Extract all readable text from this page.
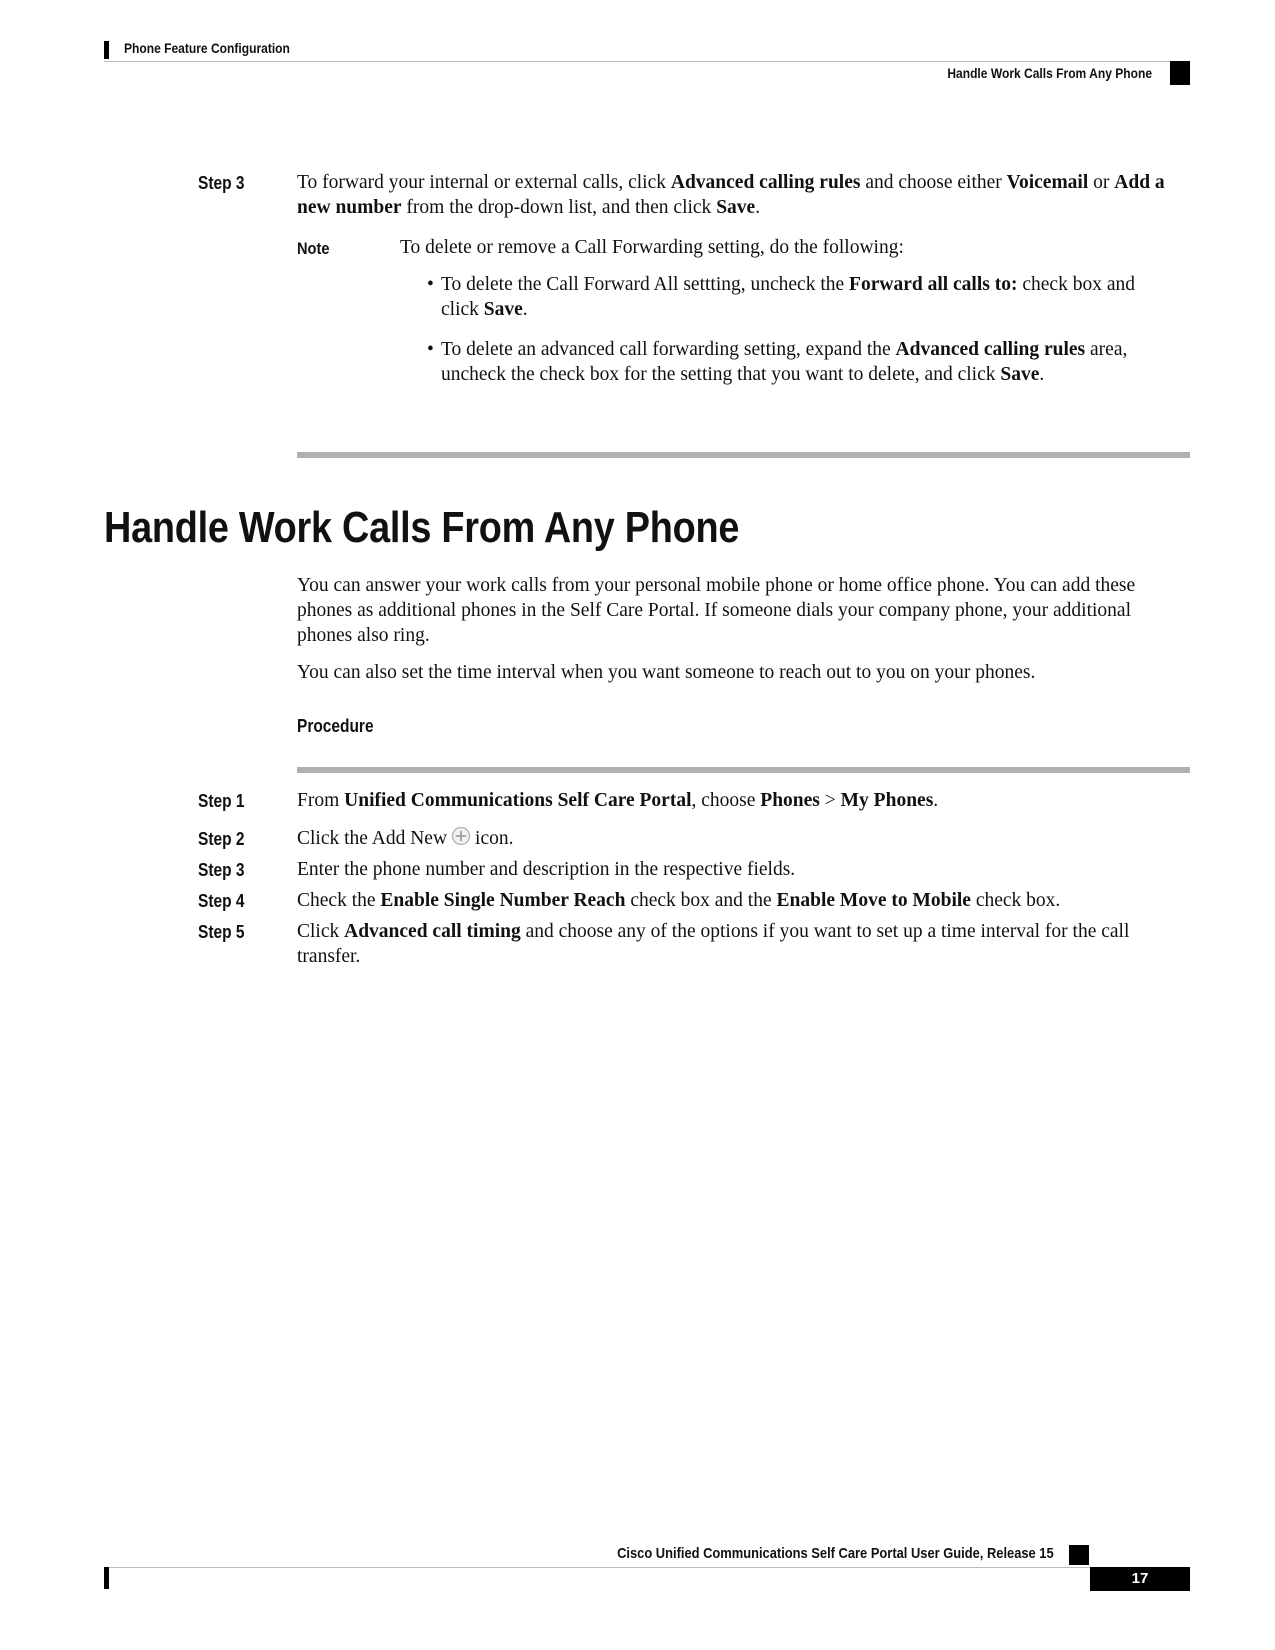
Phone Feature Configuration
Handle Work Calls From Any Phone
Step 3	To forward your internal or external calls, click Advanced calling rules and choose either Voicemail or Add a new number from the drop-down list, and then click Save.
Note	To delete or remove a Call Forwarding setting, do the following:
• To delete the Call Forward All settting, uncheck the Forward all calls to: check box and click Save.
• To delete an advanced call forwarding setting, expand the Advanced calling rules area, uncheck the check box for the setting that you want to delete, and click Save.
Handle Work Calls From Any Phone
You can answer your work calls from your personal mobile phone or home office phone. You can add these phones as additional phones in the Self Care Portal. If someone dials your company phone, your additional phones also ring.
You can also set the time interval when you want someone to reach out to you on your phones.
Procedure
Step 1	From Unified Communications Self Care Portal, choose Phones > My Phones.
Step 2	Click the Add New icon.
Step 3	Enter the phone number and description in the respective fields.
Step 4	Check the Enable Single Number Reach check box and the Enable Move to Mobile check box.
Step 5	Click Advanced call timing and choose any of the options if you want to set up a time interval for the call transfer.
Cisco Unified Communications Self Care Portal User Guide, Release 15
17
